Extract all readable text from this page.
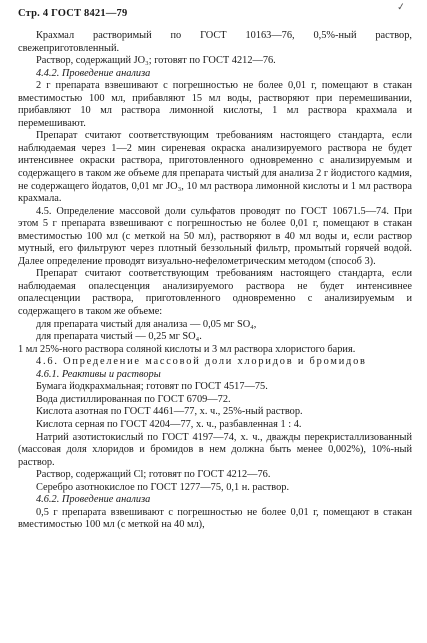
Стр. 4 ГОСТ 8421—79	✓

Крахмал растворимый по ГОСТ 10163—76, 0,5%-ный раствор, свежеприготовленный.

Раствор, содержащий JO₃; готовят по ГОСТ 4212—76.

4.4.2. Проведение анализа

2 г препарата взвешивают с погрешностью не более 0,01 г, помещают в стакан вместимостью 100 мл, прибавляют 15 мл воды, растворяют при перемешивании, прибавляют 10 мл раствора лимонной кислоты, 1 мл раствора крахмала и перемешивают.

Препарат считают соответствующим требованиям настоящего стандарта, если наблюдаемая через 1—2 мин сиреневая окраска анализируемого раствора не будет интенсивнее окраски раствора, приготовленного одновременно с анализируемым и содержащего в таком же объеме для препарата чистый для анализа 2 г йодистого кадмия, не содержащего йодатов, 0,01 мг JO₃, 10 мл раствора лимонной кислоты и 1 мл раствора крахмала.

4.5. Определение массовой доли сульфатов проводят по ГОСТ 10671.5—74. При этом 5 г препарата взвешивают с погрешностью не более 0,01 г, помещают в стакан вместимостью 100 мл (с меткой на 50 мл), растворяют в 40 мл воды и, если раствор мутный, его фильтруют через плотный беззольный фильтр, промытый горячей водой. Далее определение проводят визуально-нефелометрическим методом (способ 3).

Препарат считают соответствующим требованиям настоящего стандарта, если наблюдаемая опалесценция анализируемого раствора не будет интенсивнее опалесценции раствора, приготовленного одновременно с анализируемым и содержащего в таком же объеме:

для препарата чистый для анализа — 0,05 мг SO₄,

для препарата чистый — 0,25 мг SO₄.

1 мл 25%-ного раствора соляной кислоты и 3 мл раствора хлористого бария.

4.6. Определение массовой доли хлоридов и бромидов

4.6.1. Реактивы и растворы

Бумага йодкрахмальная; готовят по ГОСТ 4517—75.

Вода дистиллированная по ГОСТ 6709—72.

Кислота азотная по ГОСТ 4461—77, х. ч., 25%-ный раствор.

Кислота серная по ГОСТ 4204—77, х. ч., разбавленная 1 : 4.

Натрий азотистокислый по ГОСТ 4197—74, х. ч., дважды перекристаллизованный (массовая доля хлоридов и бромидов в нем должна быть менее 0,002%), 10%-ный раствор.

Раствор, содержащий Cl; готовят по ГОСТ 4212—76.

Серебро азотнокислое по ГОСТ 1277—75, 0,1 н. раствор.

4.6.2. Проведение анализа

0,5 г препарата взвешивают с погрешностью не более 0,01 г, помещают в стакан вместимостью 100 мл (с меткой на 40 мл),
